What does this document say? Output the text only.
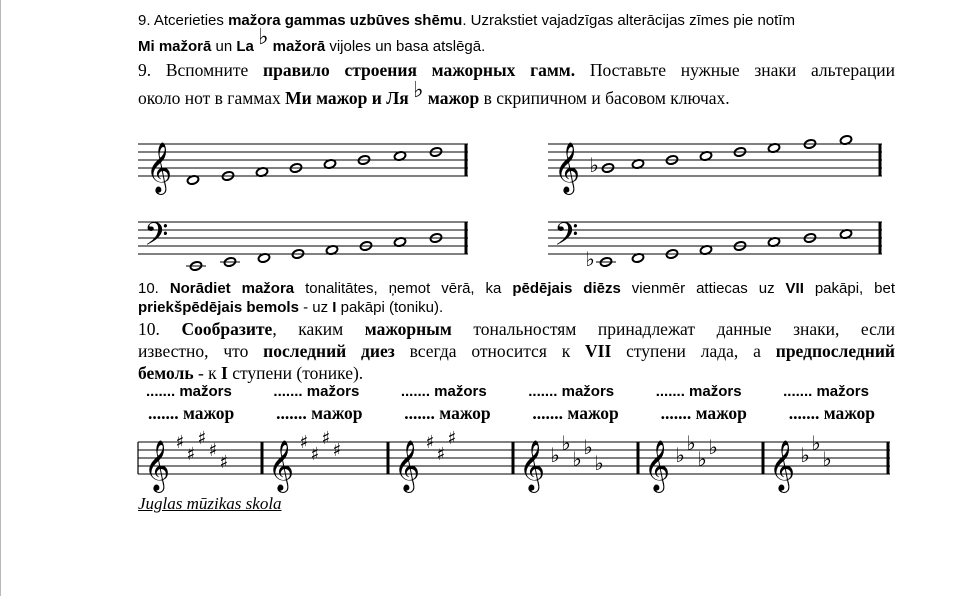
9. Atcerieties mažora gammas uzbūves shēmu. Uzrakstiet vajadzīgas alterācijas zīmes pie notīm
Mi mažorā un La ♭ mažorā vijoles un basa atslēgā.
9. Вспомните правило строения мажорных гамм. Поставьте нужные знаки альтерации
около нот в гаммах Ми мажор и Ля ♭ мажор в скрипичном и басовом ключах.
𝄞	𝄞 ♭
𝄢	𝄢 ♭
10. Norādiet mažora tonalitātes, ņemot vērā, ka pēdējais diēzs vienmēr attiecas uz VII pakāpi, bet
priekšpēdējais bemols - uz I pakāpi (toniku).
10. Сообразите, каким мажорным тональностям принадлежат данные знаки, если
известно, что последний диез всегда относится к VII ступени лада, а предпоследний
бемоль - к I ступени (тонике).
....... mažors	....... mažors	....... mažors	....... mažors	....... mažors	....... mažors
....... мажор ....... мажор ....... мажор ....... мажор ....... мажор ....... мажор
𝄞 ♯
♯
♯
♯
♯ 𝄞 ♯
♯
♯
♯ 𝄞 ♯
♯
♯
𝄞 ♭ ♭
♭ ♭
♭ 𝄞 ♭ ♭
♭ ♭ 𝄞 ♭ ♭
♭
Juglas mūzikas skola
